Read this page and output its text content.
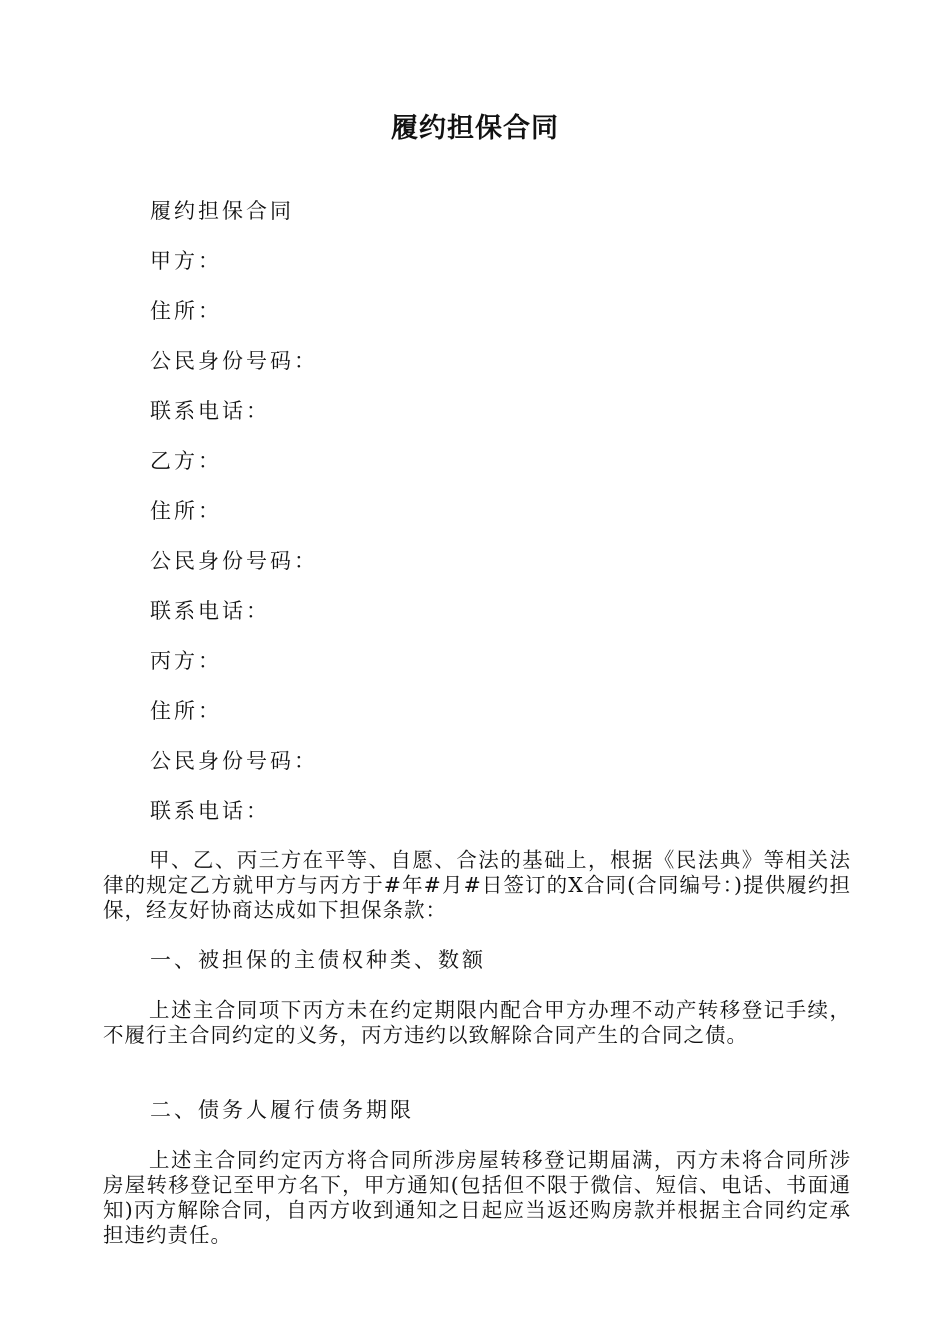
履约担保合同
履约担保合同
甲方：
住所：
公民身份号码：
联系电话：
乙方：
住所：
公民身份号码：
联系电话：
丙方：
住所：
公民身份号码：
联系电话：

甲、乙、丙三方在平等、自愿、合法的基础上，根据《民法典》等相关法律的规定乙方就甲方与丙方于#年#月#日签订的X合同(合同编号：)提供履约担保，经友好协商达成如下担保条款：

一、被担保的主债权种类、数额

上述主合同项下丙方未在约定期限内配合甲方办理不动产转移登记手续，不履行主合同约定的义务，丙方违约以致解除合同产生的合同之债。

二、债务人履行债务期限

上述主合同约定丙方将合同所涉房屋转移登记期届满，丙方未将合同所涉房屋转移登记至甲方名下，甲方通知(包括但不限于微信、短信、电话、书面通知)丙方解除合同，自丙方收到通知之日起应当返还购房款并根据主合同约定承担违约责任。
